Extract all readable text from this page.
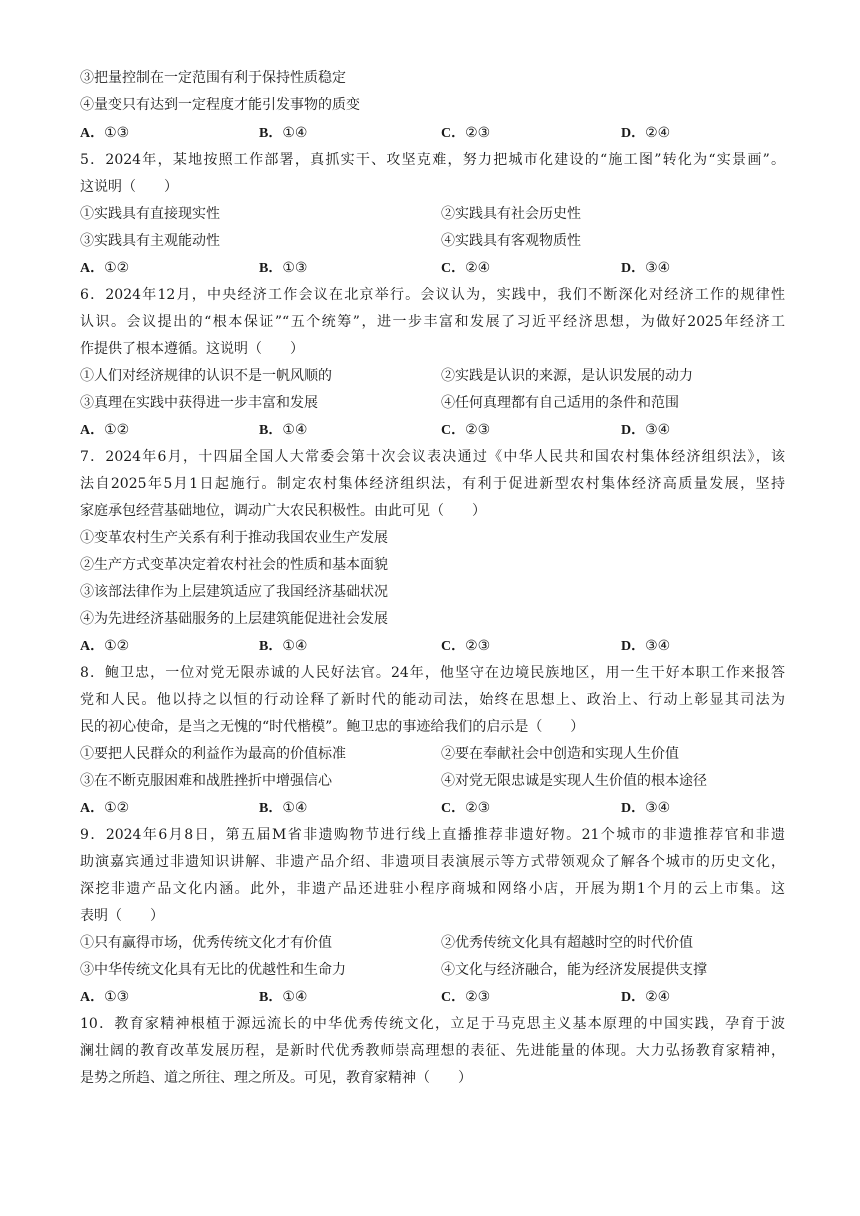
③把量控制在一定范围有利于保持性质稳定
④量变只有达到一定程度才能引发事物的质变
A．①③	B．①④	C．②③	D．②④
5．2024年，某地按照工作部署，真抓实干、攻坚克难，努力把城市化建设的“施工图”转化为“实景画”。
这说明（　　）
①实践具有直接现实性	②实践具有社会历史性
③实践具有主观能动性	④实践具有客观物质性
A．①②	B．①③	C．②④	D．③④
6．2024年12月，中央经济工作会议在北京举行。会议认为，实践中，我们不断深化对经济工作的规律性
认识。会议提出的“根本保证”“五个统筹”，进一步丰富和发展了习近平经济思想，为做好2025年经济工
作提供了根本遵循。这说明（　　）
①人们对经济规律的认识不是一帆风顺的	②实践是认识的来源，是认识发展的动力
③真理在实践中获得进一步丰富和发展	④任何真理都有自己适用的条件和范围
A．①②	B．①④	C．②③	D．③④
7．2024年6月，十四届全国人大常委会第十次会议表决通过《中华人民共和国农村集体经济组织法》，该
法自2025年5月1日起施行。制定农村集体经济组织法，有利于促进新型农村集体经济高质量发展，坚持
家庭承包经营基础地位，调动广大农民积极性。由此可见（　　）
①变革农村生产关系有利于推动我国农业生产发展
②生产方式变革决定着农村社会的性质和基本面貌
③该部法律作为上层建筑适应了我国经济基础状况
④为先进经济基础服务的上层建筑能促进社会发展
A．①②	B．①④	C．②③	D．③④
8．鲍卫忠，一位对党无限赤诚的人民好法官。24年，他坚守在边境民族地区，用一生干好本职工作来报答
党和人民。他以持之以恒的行动诠释了新时代的能动司法，始终在思想上、政治上、行动上彰显其司法为
民的初心使命，是当之无愧的“时代楷模”。鲍卫忠的事迹给我们的启示是（　　）
①要把人民群众的利益作为最高的价值标准	②要在奉献社会中创造和实现人生价值
③在不断克服困难和战胜挫折中增强信心	④对党无限忠诚是实现人生价值的根本途径
A．①②	B．①④	C．②③	D．③④
9．2024年6月8日，第五届M省非遗购物节进行线上直播推荐非遗好物。21个城市的非遗推荐官和非遗
助演嘉宾通过非遗知识讲解、非遗产品介绍、非遗项目表演展示等方式带领观众了解各个城市的历史文化，
深挖非遗产品文化内涵。此外，非遗产品还进驻小程序商城和网络小店，开展为期1个月的云上市集。这
表明（　　）
①只有赢得市场，优秀传统文化才有价值	②优秀传统文化具有超越时空的时代价值
③中华传统文化具有无比的优越性和生命力	④文化与经济融合，能为经济发展提供支撑
A．①③	B．①④	C．②③	D．②④
10．教育家精神根植于源远流长的中华优秀传统文化，立足于马克思主义基本原理的中国实践，孕育于波
澜壮阔的教育改革发展历程，是新时代优秀教师崇高理想的表征、先进能量的体现。大力弘扬教育家精神，
是势之所趋、道之所往、理之所及。可见，教育家精神（　　）
